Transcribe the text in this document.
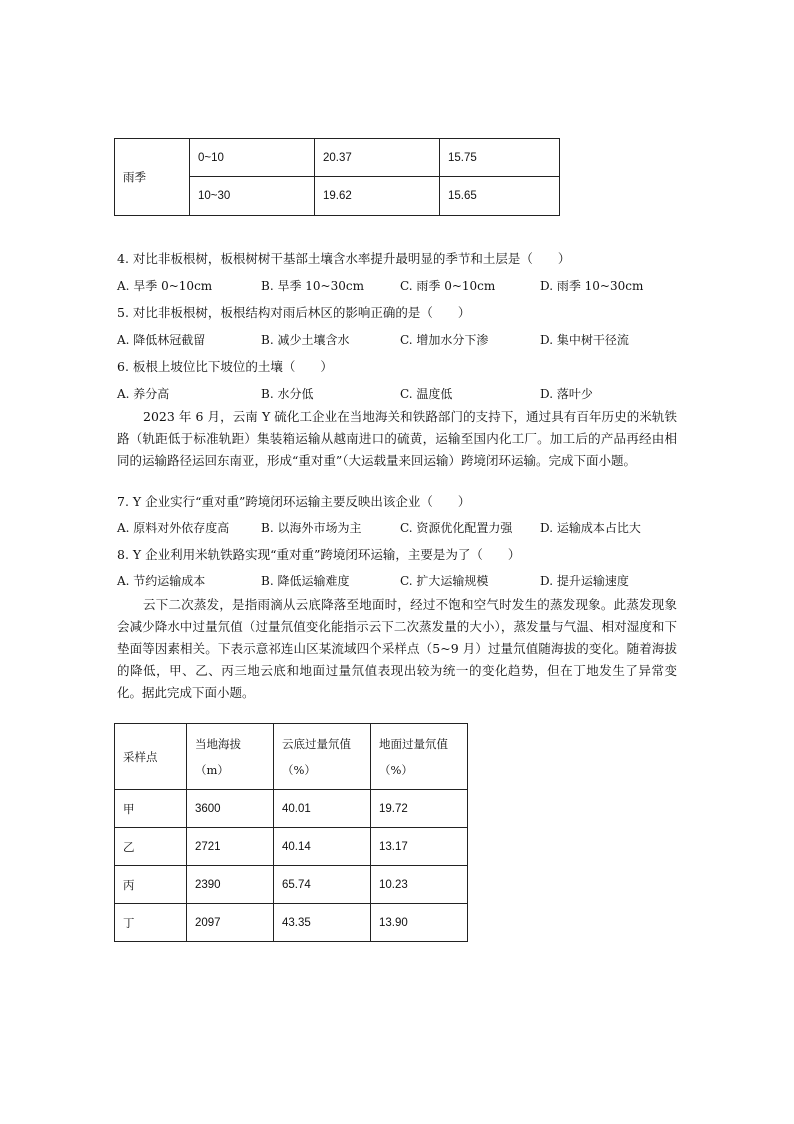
雨季	0~10	20.37	15.75
	10~30	19.62	15.65
4. 对比非板根树，板根树树干基部土壤含水率提升最明显的季节和土层是（　　）
A. 旱季 0~10cm	B. 旱季 10~30cm	C. 雨季 0~10cm	D. 雨季 10~30cm
5. 对比非板根树，板根结构对雨后林区的影响正确的是（　　）
A. 降低林冠截留	B. 减少土壤含水	C. 增加水分下渗	D. 集中树干径流
6. 板根上坡位比下坡位的土壤（　　）
A. 养分高	B. 水分低	C. 温度低	D. 落叶少
2023 年 6 月，云南 Y 硫化工企业在当地海关和铁路部门的支持下，通过具有百年历史的米轨铁路（轨距低于标准轨距）集装箱运输从越南进口的硫黄，运输至国内化工厂。加工后的产品再经由相同的运输路径运回东南亚，形成“重对重”（大运载量来回运输）跨境闭环运输。完成下面小题。
7. Y 企业实行“重对重”跨境闭环运输主要反映出该企业（　　）
A. 原料对外依存度高	B. 以海外市场为主	C. 资源优化配置力强 D. 运输成本占比大
8. Y 企业利用米轨铁路实现“重对重”跨境闭环运输，主要是为了（　　）
A. 节约运输成本	B. 降低运输难度	C. 扩大运输规模	D. 提升运输速度
云下二次蒸发，是指雨滴从云底降落至地面时，经过不饱和空气时发生的蒸发现象。此蒸发现象会减少降水中过量氘值（过量氘值变化能指示云下二次蒸发量的大小），蒸发量与气温、相对湿度和下垫面等因素相关。下表示意祁连山区某流域四个采样点（5~9 月）过量氘值随海拔的变化。随着海拔的降低，甲、乙、丙三地云底和地面过量氘值表现出较为统一的变化趋势，但在丁地发生了异常变化。据此完成下面小题。
采样点	当地海拔（m）	云底过量氘值（%）	地面过量氘值（%）
甲	3600	40.01	19.72
乙	2721	40.14	13.17
丙	2390	65.74	10.23
丁	2097	43.35	13.90
